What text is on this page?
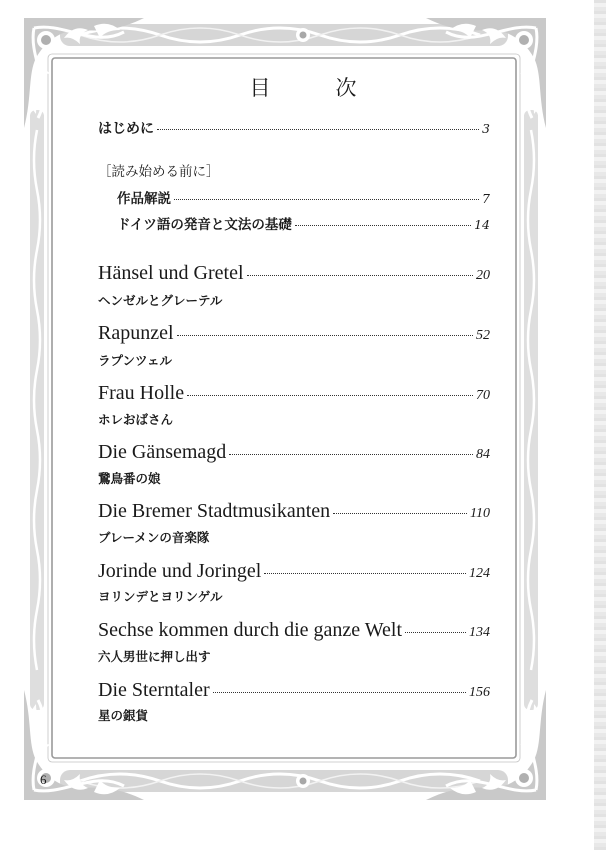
目　次
はじめに	3
［読み始める前に］
作品解説	7
ドイツ語の発音と文法の基礎	14
Hänsel und Gretel	20
ヘンゼルとグレーテル
Rapunzel	52
ラプンツェル
Frau Holle	70
ホレおばさん
Die Gänsemagd	84
鵞鳥番の娘
Die Bremer Stadtmusikanten	110
ブレーメンの音楽隊
Jorinde und Joringel	124
ヨリンデとヨリンゲル
Sechse kommen durch die ganze Welt	134
六人男世に押し出す
Die Sterntaler	156
星の銀貨
6
